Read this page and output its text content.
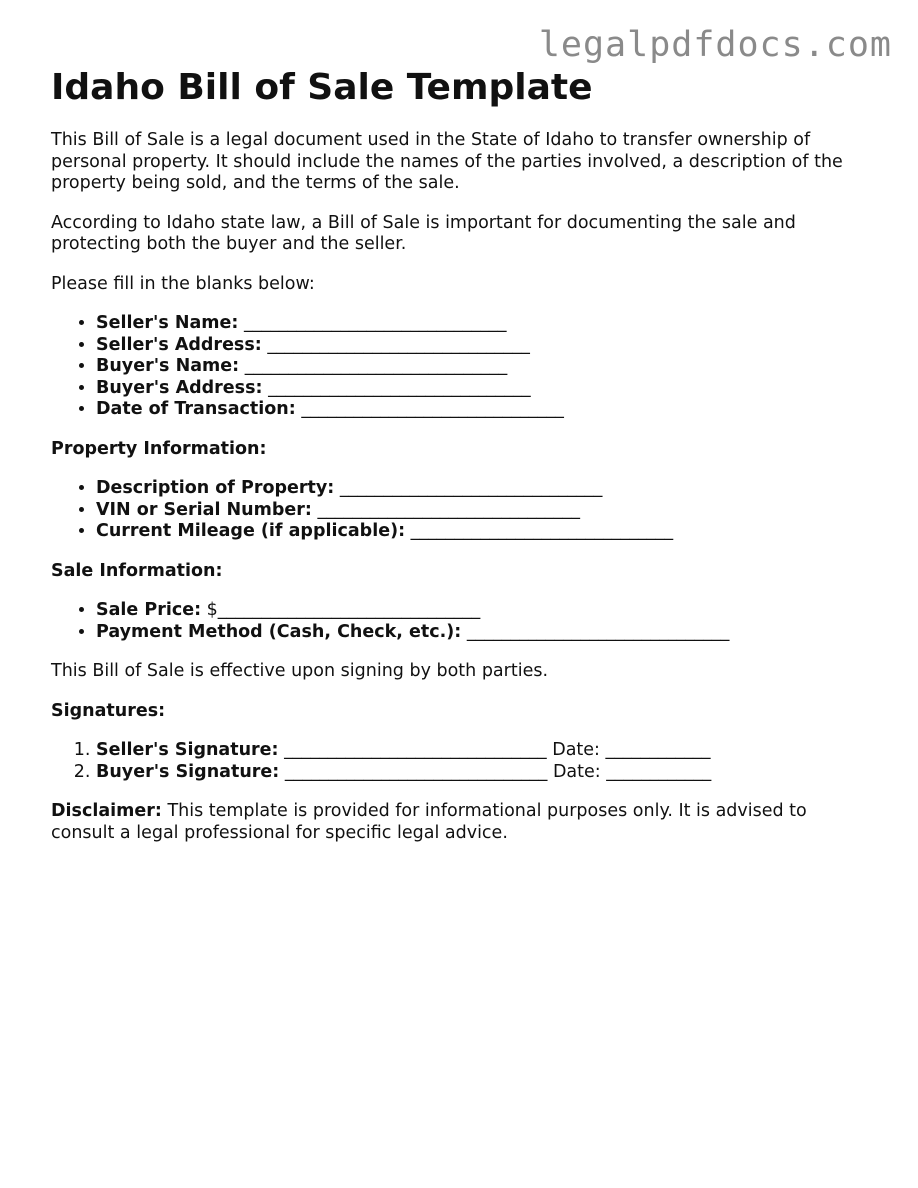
legalpdfdocs.com
Idaho Bill of Sale Template

This Bill of Sale is a legal document used in the State of Idaho to transfer ownership of personal property. It should include the names of the parties involved, a description of the property being sold, and the terms of the sale.

According to Idaho state law, a Bill of Sale is important for documenting the sale and protecting both the buyer and the seller.

Please fill in the blanks below:

• Seller's Name: ______________________________
• Seller's Address: ______________________________
• Buyer's Name: ______________________________
• Buyer's Address: ______________________________
• Date of Transaction: ______________________________
Property Information:
• Description of Property: ______________________________
• VIN or Serial Number: ______________________________
• Current Mileage (if applicable): ______________________________
Sale Information:
• Sale Price: $______________________________
• Payment Method (Cash, Check, etc.): ______________________________

This Bill of Sale is effective upon signing by both parties.

Signatures:
1. Seller's Signature: ______________________________ Date: ____________
2. Buyer's Signature: ______________________________ Date: ____________

Disclaimer: This template is provided for informational purposes only. It is advised to consult a legal professional for specific legal advice.
